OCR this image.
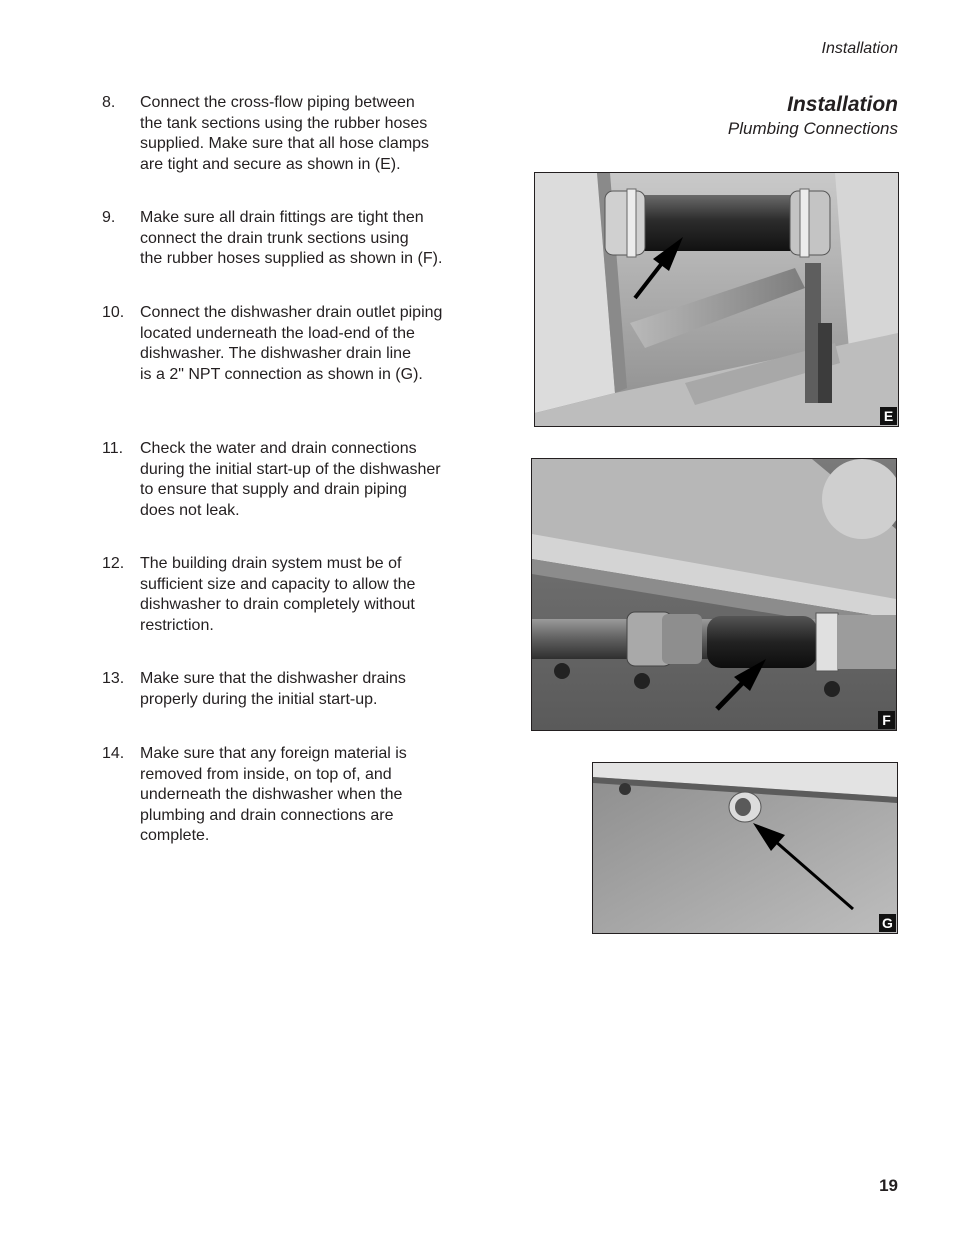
Installation
Installation
Plumbing Connections
8.	Connect the cross-flow piping between
the tank sections using the rubber hoses
supplied. Make sure that all hose clamps
are tight and secure as shown in (E).
9.	Make sure all drain fittings are tight then
connect the drain trunk sections using
the rubber hoses supplied as shown in (F).
10. Connect the dishwasher drain outlet piping
located underneath the load-end of the
dishwasher. The dishwasher drain line
is a 2" NPT connection as shown in (G).
11.	Check the water and drain connections
during the initial start-up of the dishwasher
to ensure that supply and drain piping
does not leak.
12. The building drain system must be of
sufficient size and capacity to allow the
dishwasher to drain completely without
restriction.
13. Make sure that the dishwasher drains
properly during the initial start-up.
14. Make sure that any foreign material is
removed from inside, on top of, and
underneath the dishwasher when the
plumbing and drain connections are
complete.
E
F
G
19
